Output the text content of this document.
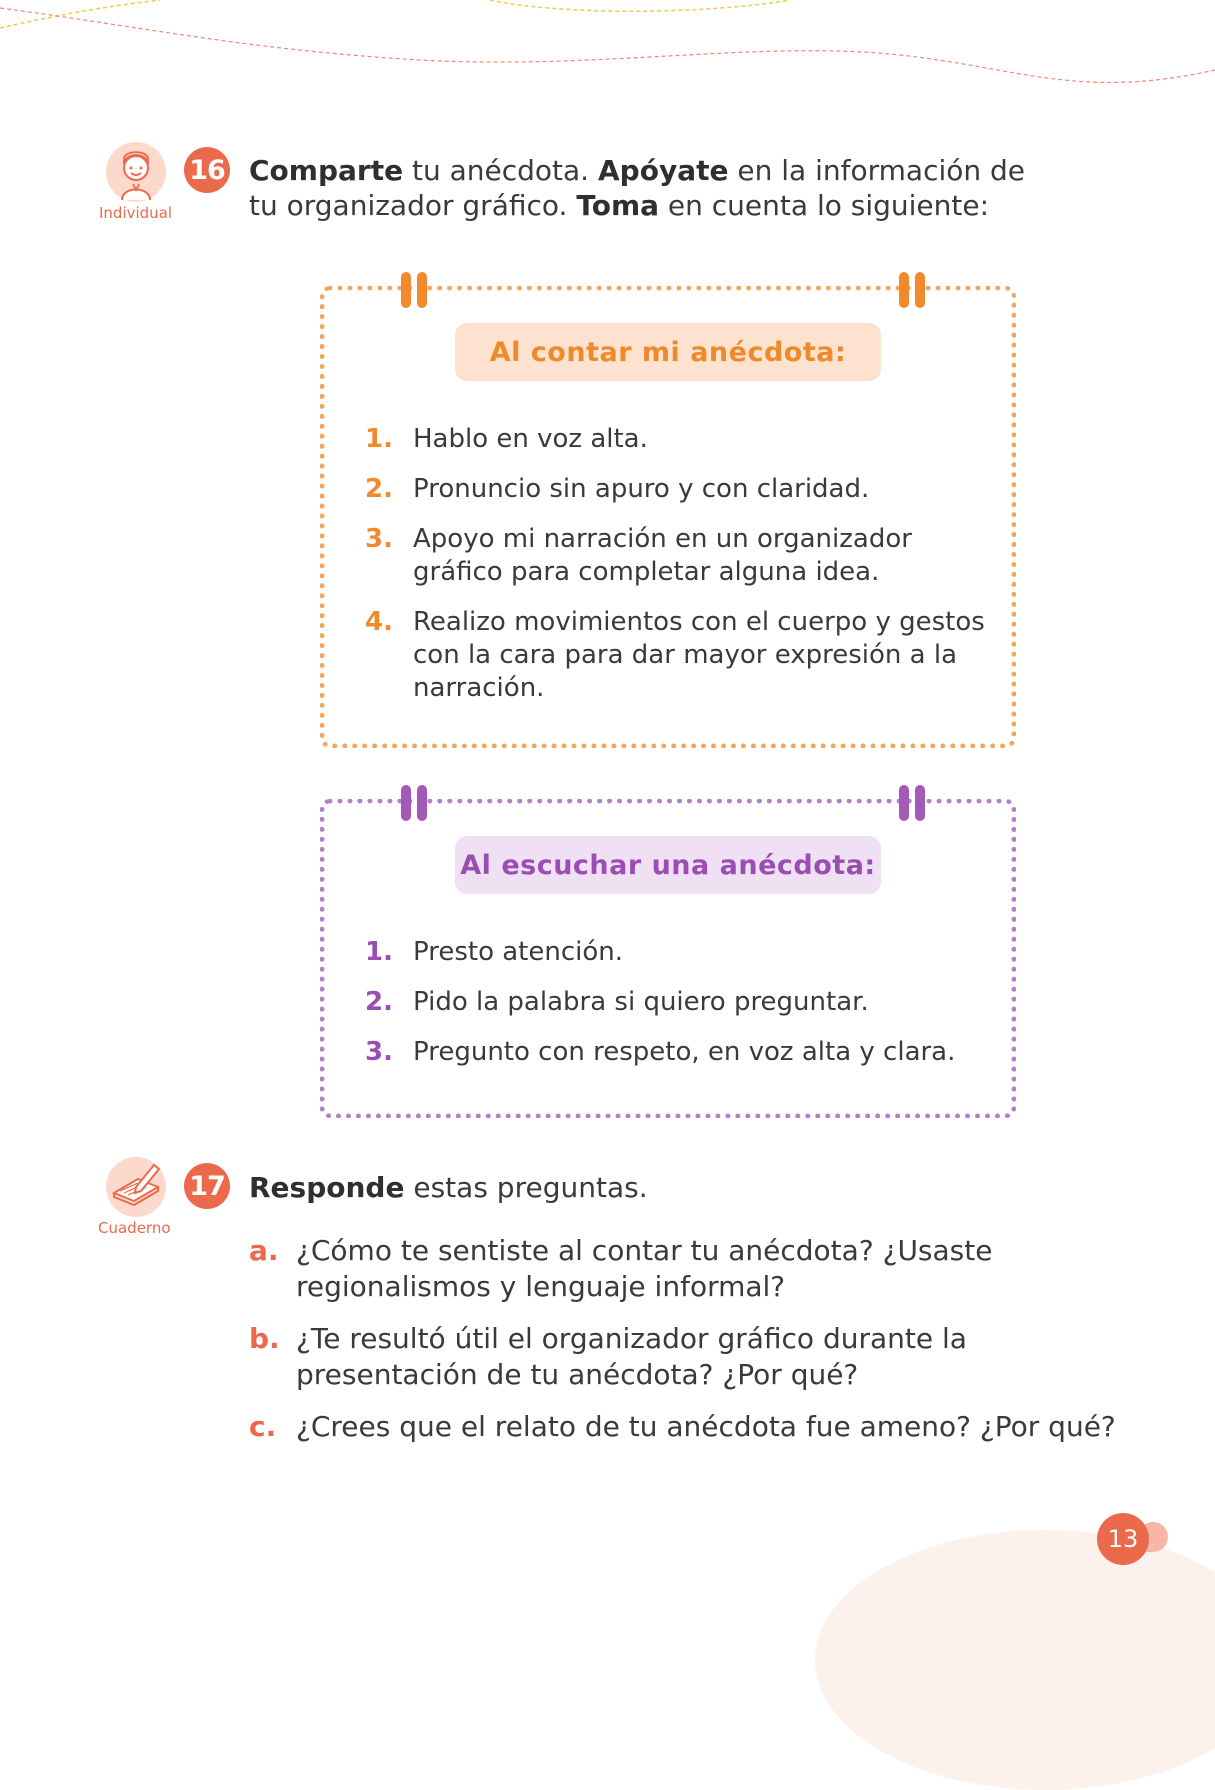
Individual
16 Comparte tu anécdota. Apóyate en la información de tu organizador gráfico. Toma en cuenta lo siguiente:
Al contar mi anécdota:
1. Hablo en voz alta.
2. Pronuncio sin apuro y con claridad.
3. Apoyo mi narración en un organizador gráfico para completar alguna idea.
4. Realizo movimientos con el cuerpo y gestos con la cara para dar mayor expresión a la narración.
Al escuchar una anécdota:
1. Presto atención.
2. Pido la palabra si quiero preguntar.
3. Pregunto con respeto, en voz alta y clara.
Cuaderno
17 Responde estas preguntas.
a. ¿Cómo te sentiste al contar tu anécdota? ¿Usaste regionalismos y lenguaje informal?
b. ¿Te resultó útil el organizador gráfico durante la presentación de tu anécdota? ¿Por qué?
c. ¿Crees que el relato de tu anécdota fue ameno? ¿Por qué?
13
